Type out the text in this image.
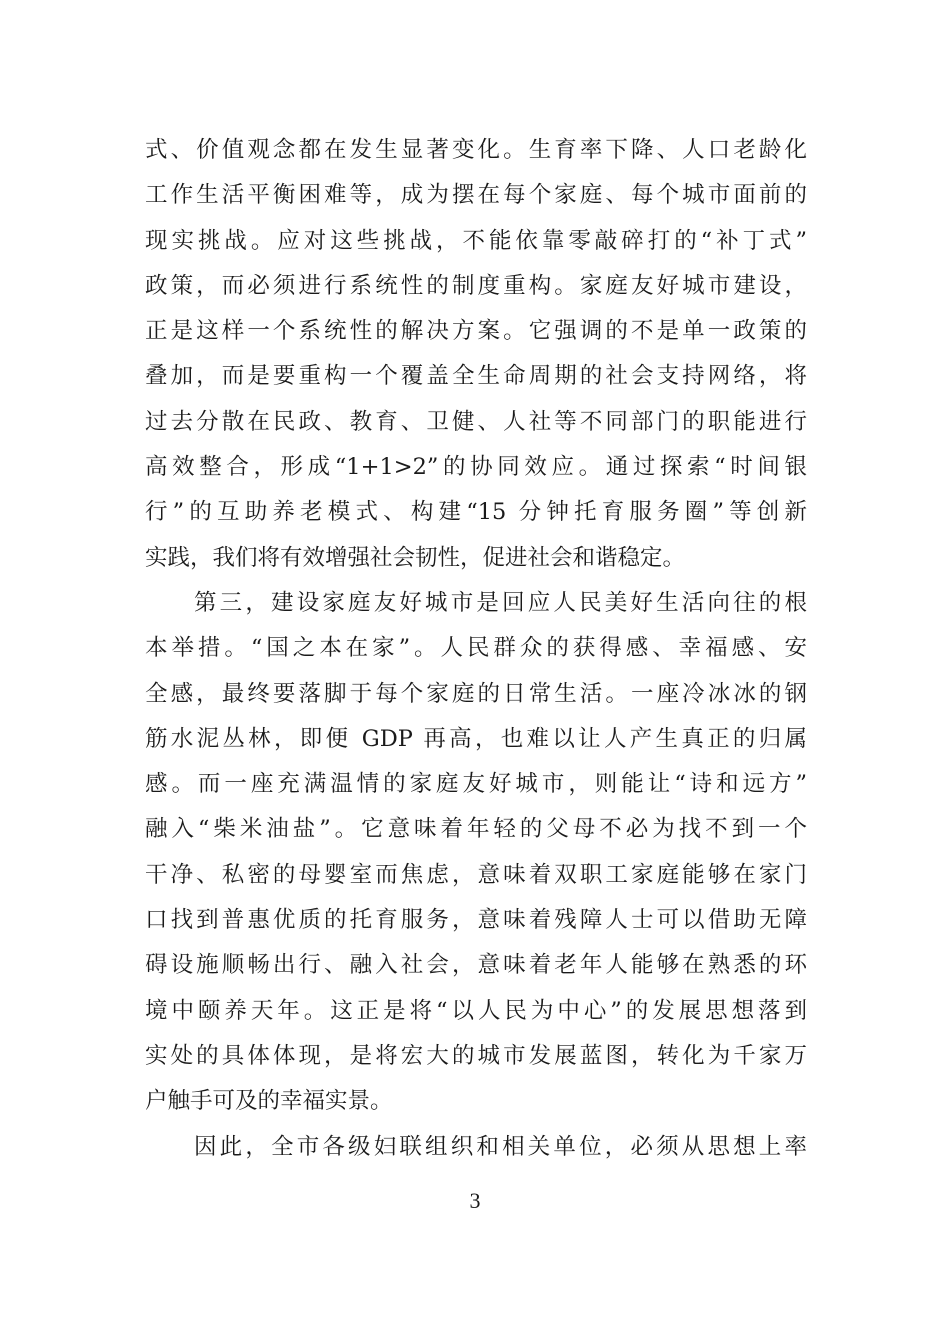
式、价值观念都在发生显著变化。生育率下降、人口老龄化
工作生活平衡困难等，成为摆在每个家庭、每个城市面前的
现实挑战。应对这些挑战，不能依靠零敲碎打的“补丁式”
政策，而必须进行系统性的制度重构。家庭友好城市建设，
正是这样一个系统性的解决方案。它强调的不是单一政策的
叠加，而是要重构一个覆盖全生命周期的社会支持网络，将
过去分散在民政、教育、卫健、人社等不同部门的职能进行
高效整合，形成“1+1>2”的协同效应。通过探索“时间银
行”的互助养老模式、构建“15 分钟托育服务圈”等创新
实践，我们将有效增强社会韧性，促进社会和谐稳定。
第三，建设家庭友好城市是回应人民美好生活向往的根
本举措。“国之本在家”。人民群众的获得感、幸福感、安
全感，最终要落脚于每个家庭的日常生活。一座冷冰冰的钢
筋水泥丛林，即便 GDP 再高，也难以让人产生真正的归属
感。而一座充满温情的家庭友好城市，则能让“诗和远方”
融入“柴米油盐”。它意味着年轻的父母不必为找不到一个
干净、私密的母婴室而焦虑，意味着双职工家庭能够在家门
口找到普惠优质的托育服务，意味着残障人士可以借助无障
碍设施顺畅出行、融入社会，意味着老年人能够在熟悉的环
境中颐养天年。这正是将“以人民为中心”的发展思想落到
实处的具体体现，是将宏大的城市发展蓝图，转化为千家万
户触手可及的幸福实景。
因此，全市各级妇联组织和相关单位，必须从思想上率
3
